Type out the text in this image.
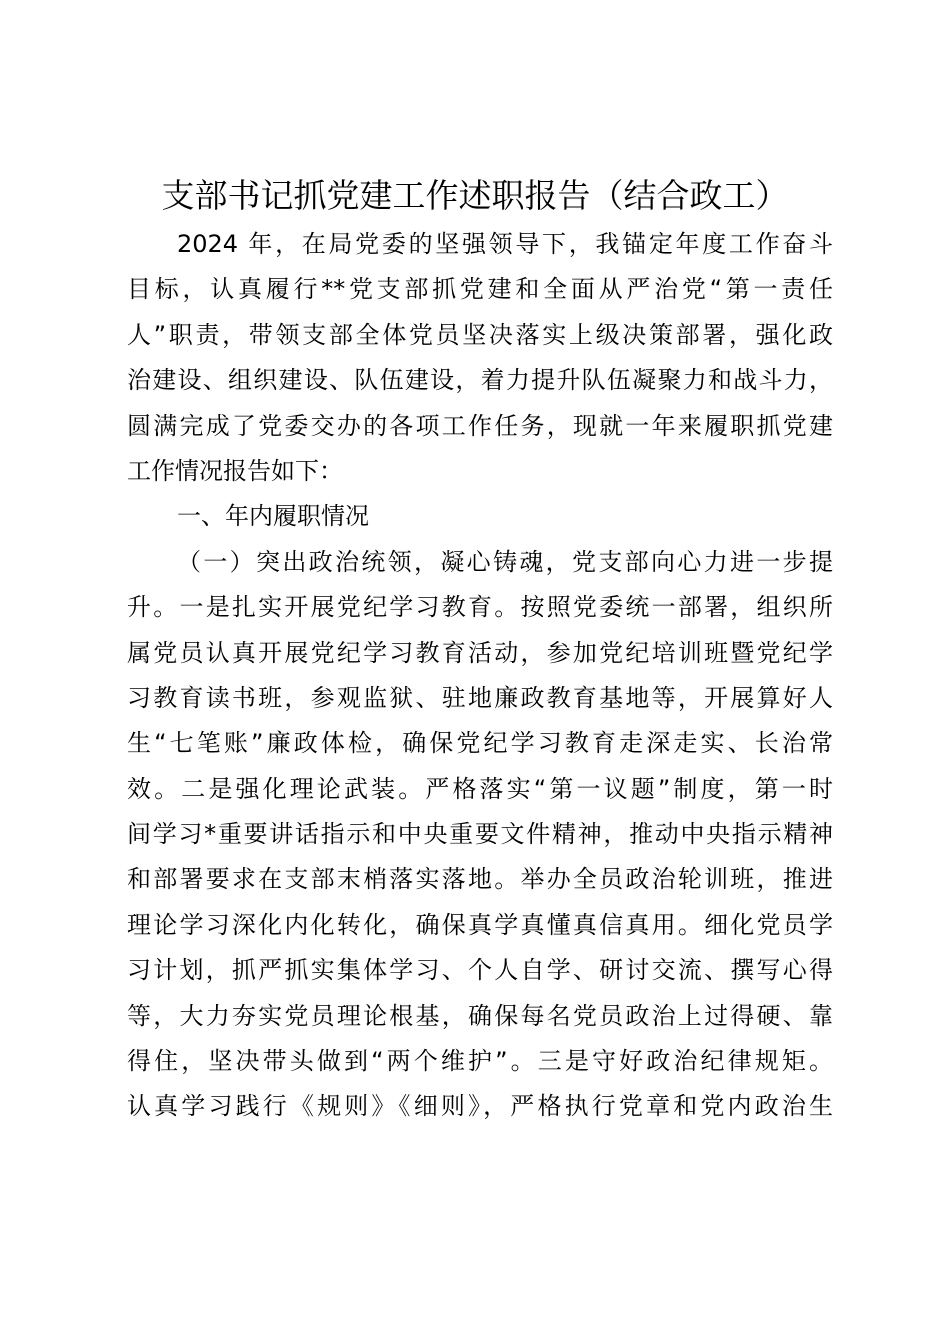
支部书记抓党建工作述职报告（结合政工）
2024 年，在局党委的坚强领导下，我锚定年度工作奋斗
目标，认真履行**党支部抓党建和全面从严治党“第一责任
人”职责，带领支部全体党员坚决落实上级决策部署，强化政
治建设、组织建设、队伍建设，着力提升队伍凝聚力和战斗力，
圆满完成了党委交办的各项工作任务，现就一年来履职抓党建
工作情况报告如下：
一、年内履职情况
（一）突出政治统领，凝心铸魂，党支部向心力进一步提
升。一是扎实开展党纪学习教育。按照党委统一部署，组织所
属党员认真开展党纪学习教育活动，参加党纪培训班暨党纪学
习教育读书班，参观监狱、驻地廉政教育基地等，开展算好人
生“七笔账”廉政体检，确保党纪学习教育走深走实、长治常
效。二是强化理论武装。严格落实“第一议题”制度，第一时
间学习*重要讲话指示和中央重要文件精神，推动中央指示精神
和部署要求在支部末梢落实落地。举办全员政治轮训班，推进
理论学习深化内化转化，确保真学真懂真信真用。细化党员学
习计划，抓严抓实集体学习、个人自学、研讨交流、撰写心得
等，大力夯实党员理论根基，确保每名党员政治上过得硬、靠
得住，坚决带头做到“两个维护”。三是守好政治纪律规矩。
认真学习践行《规则》《细则》，严格执行党章和党内政治生
